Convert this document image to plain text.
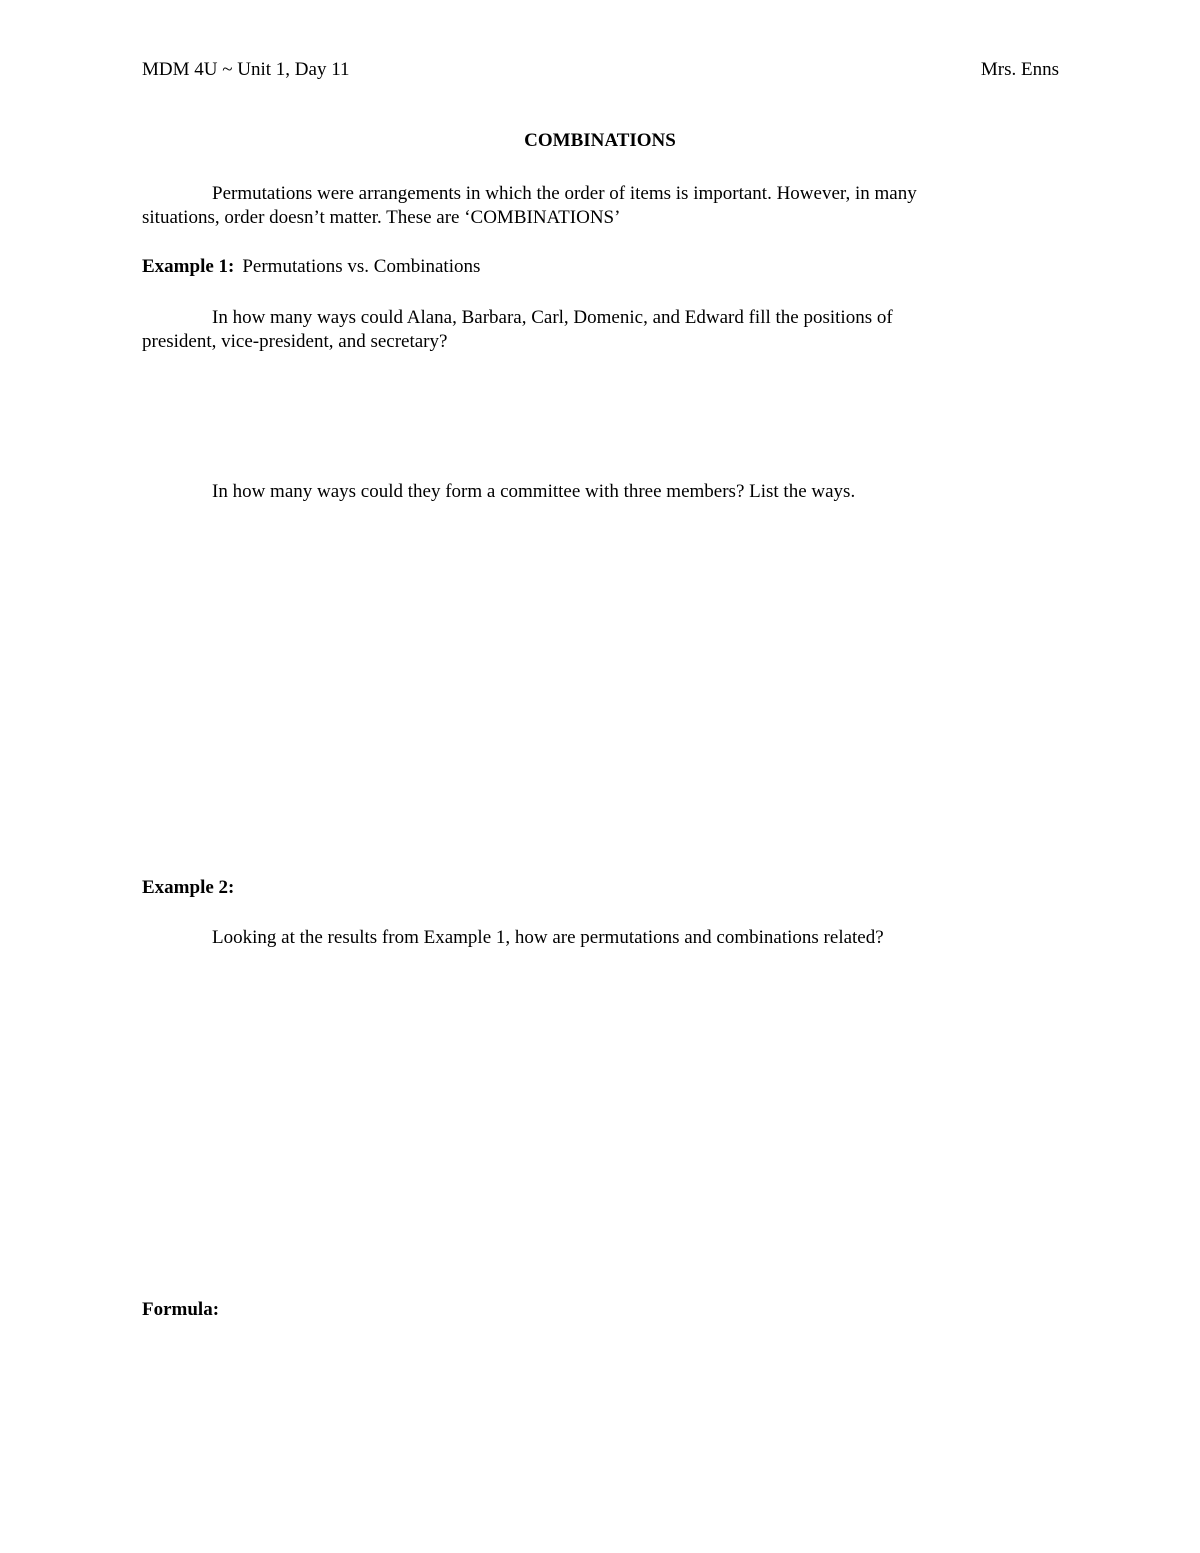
MDM 4U ~ Unit 1, Day 11	Mrs. Enns
COMBINATIONS
Permutations were arrangements in which the order of items is important. However, in many
situations, order doesn’t matter. These are ‘COMBINATIONS’
Example 1: Permutations vs. Combinations
In how many ways could Alana, Barbara, Carl, Domenic, and Edward fill the positions of
president, vice-president, and secretary?
In how many ways could they form a committee with three members? List the ways.
Example 2:
Looking at the results from Example 1, how are permutations and combinations related?
Formula:
